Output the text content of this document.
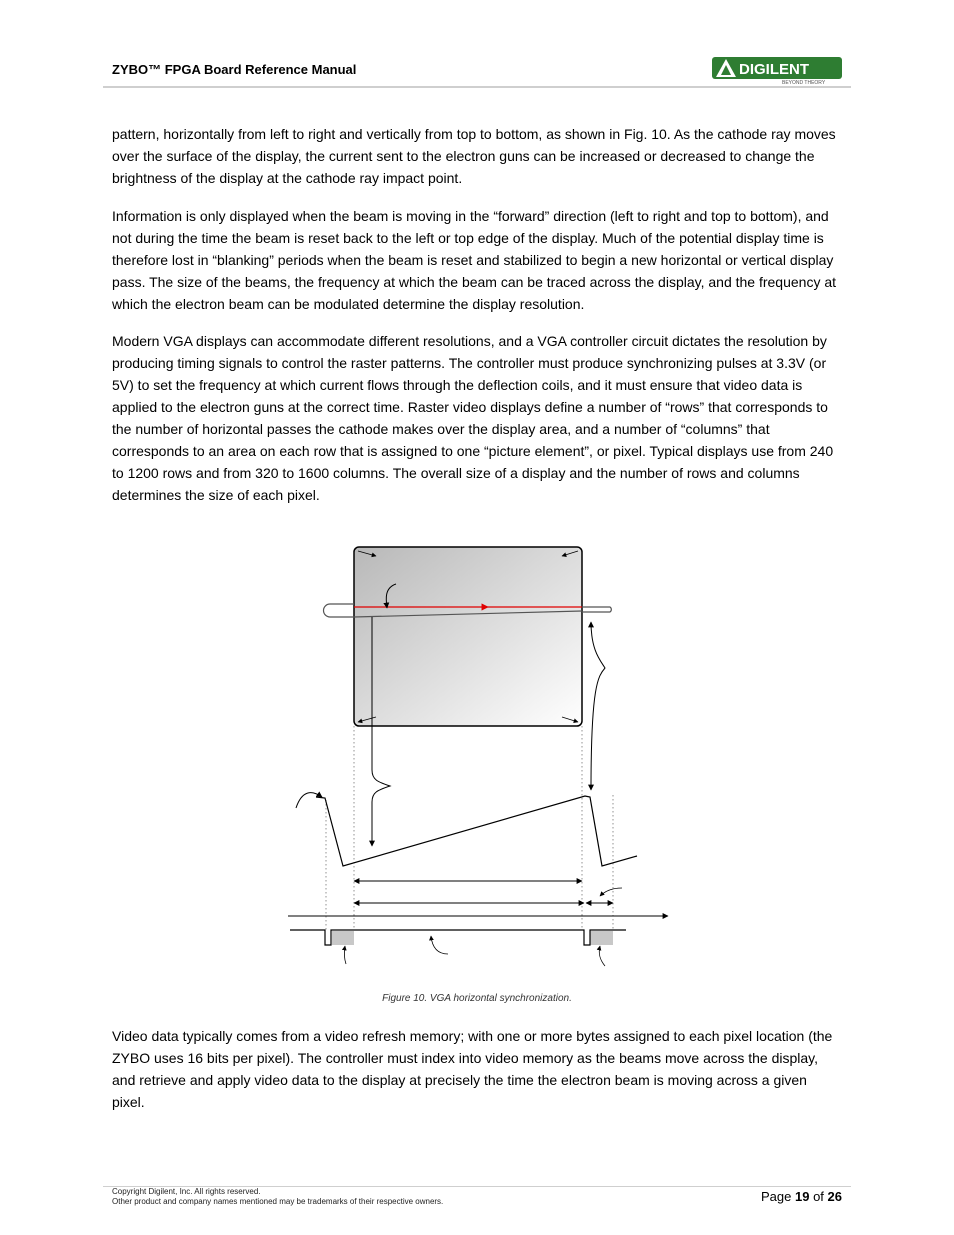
ZYBO™ FPGA Board Reference Manual	DIGILENT
BEYOND THEORY

pattern, horizontally from left to right and vertically from top to bottom, as shown in Fig. 10. As the cathode ray moves over the surface of the display, the current sent to the electron guns can be increased or decreased to change the brightness of the display at the cathode ray impact point.

Information is only displayed when the beam is moving in the “forward” direction (left to right and top to bottom), and not during the time the beam is reset back to the left or top edge of the display. Much of the potential display time is therefore lost in “blanking” periods when the beam is reset and stabilized to begin a new horizontal or vertical display pass. The size of the beams, the frequency at which the beam can be traced across the display, and the frequency at which the electron beam can be modulated determine the display resolution.

Modern VGA displays can accommodate different resolutions, and a VGA controller circuit dictates the resolution by producing timing signals to control the raster patterns. The controller must produce synchronizing pulses at 3.3V (or 5V) to set the frequency at which current flows through the deflection coils, and it must ensure that video data is applied to the electron guns at the correct time. Raster video displays define a number of “rows” that corresponds to the number of horizontal passes the cathode makes over the display area, and a number of “columns” that corresponds to an area on each row that is assigned to one “picture element”, or pixel. Typical displays use from 240 to 1200 rows and from 320 to 1600 columns. The overall size of a display and the number of rows and columns determines the size of each pixel.

Figure 10. VGA horizontal synchronization.

Video data typically comes from a video refresh memory; with one or more bytes assigned to each pixel location (the ZYBO uses 16 bits per pixel). The controller must index into video memory as the beams move across the display, and retrieve and apply video data to the display at precisely the time the electron beam is moving across a given pixel.

Copyright Digilent, Inc. All rights reserved.
Other product and company names mentioned may be trademarks of their respective owners.	Page 19 of 26
